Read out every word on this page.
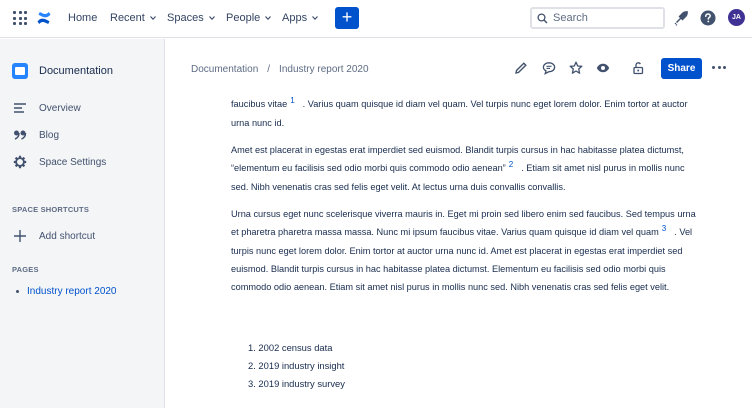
Home Recent Spaces People Apps	+
Search	JA
Documentation
Overview
Blog
Space Settings
SPACE SHORTCUTS
Add shortcut
PAGES
Industry report 2020
Documentation / Industry report 2020	Share

faucibus vitae $^1$ . Varius quam quisque id diam vel quam. Vel turpis nunc eget lorem dolor. Enim tortor at auctor urna nunc id.

Amet est placerat in egestas erat imperdiet sed euismod. Blandit turpis cursus in hac habitasse platea dictumst, “elementum eu facilisis sed odio morbi quis commodo odio aenean” $^2$ . Etiam sit amet nisl purus in mollis nunc sed. Nibh venenatis cras sed felis eget velit. At lectus urna duis convallis convallis.

Urna cursus eget nunc scelerisque viverra mauris in. Eget mi proin sed libero enim sed faucibus. Sed tempus urna et pharetra pharetra massa massa. Nunc mi ipsum faucibus vitae. Varius quam quisque id diam vel quam $^3$ . Vel turpis nunc eget lorem dolor. Enim tortor at auctor urna nunc id. Amet est placerat in egestas erat imperdiet sed euismod. Blandit turpis cursus in hac habitasse platea dictumst. Elementum eu facilisis sed odio morbi quis commodo odio aenean. Etiam sit amet nisl purus in mollis nunc sed. Nibh venenatis cras sed felis eget velit.

1. 2002 census data
2. 2019 industry insight
3. 2019 industry survey
